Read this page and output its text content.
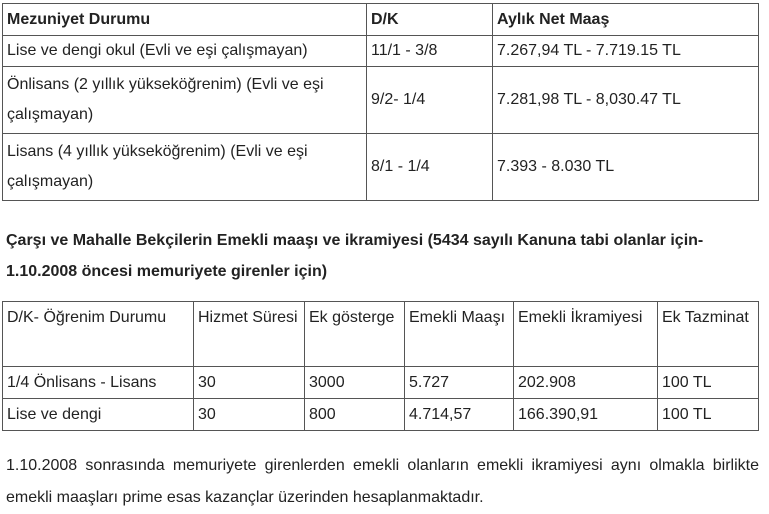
Mezuniyet Durumu	D/K	Aylık Net Maaş
Lise ve dengi okul (Evli ve eşi çalışmayan)	11/1 - 3/8	7.267,94 TL - 7.719.15 TL
Önlisans (2 yıllık yükseköğrenim) (Evli ve eşi çalışmayan)	9/2- 1/4	7.281,98 TL - 8,030.47 TL
Lisans (4 yıllık yükseköğrenim) (Evli ve eşi çalışmayan)	8/1 - 1/4	7.393 - 8.030 TL
Çarşı ve Mahalle Bekçilerin Emekli maaşı ve ikramiyesi (5434 sayılı Kanuna tabi olanlar için-1.10.2008 öncesi memuriyete girenler için)
D/K- Öğrenim Durumu	Hizmet Süresi	Ek gösterge	Emekli Maaşı	Emekli İkramiyesi	Ek Tazminat
1/4 Önlisans - Lisans	30	3000	5.727	202.908	100 TL
Lise ve dengi	30	800	4.714,57	166.390,91	100 TL
1.10.2008 sonrasında memuriyete girenlerden emekli olanların emekli ikramiyesi aynı olmakla birlikte emekli maaşları prime esas kazançlar üzerinden hesaplanmaktadır.
